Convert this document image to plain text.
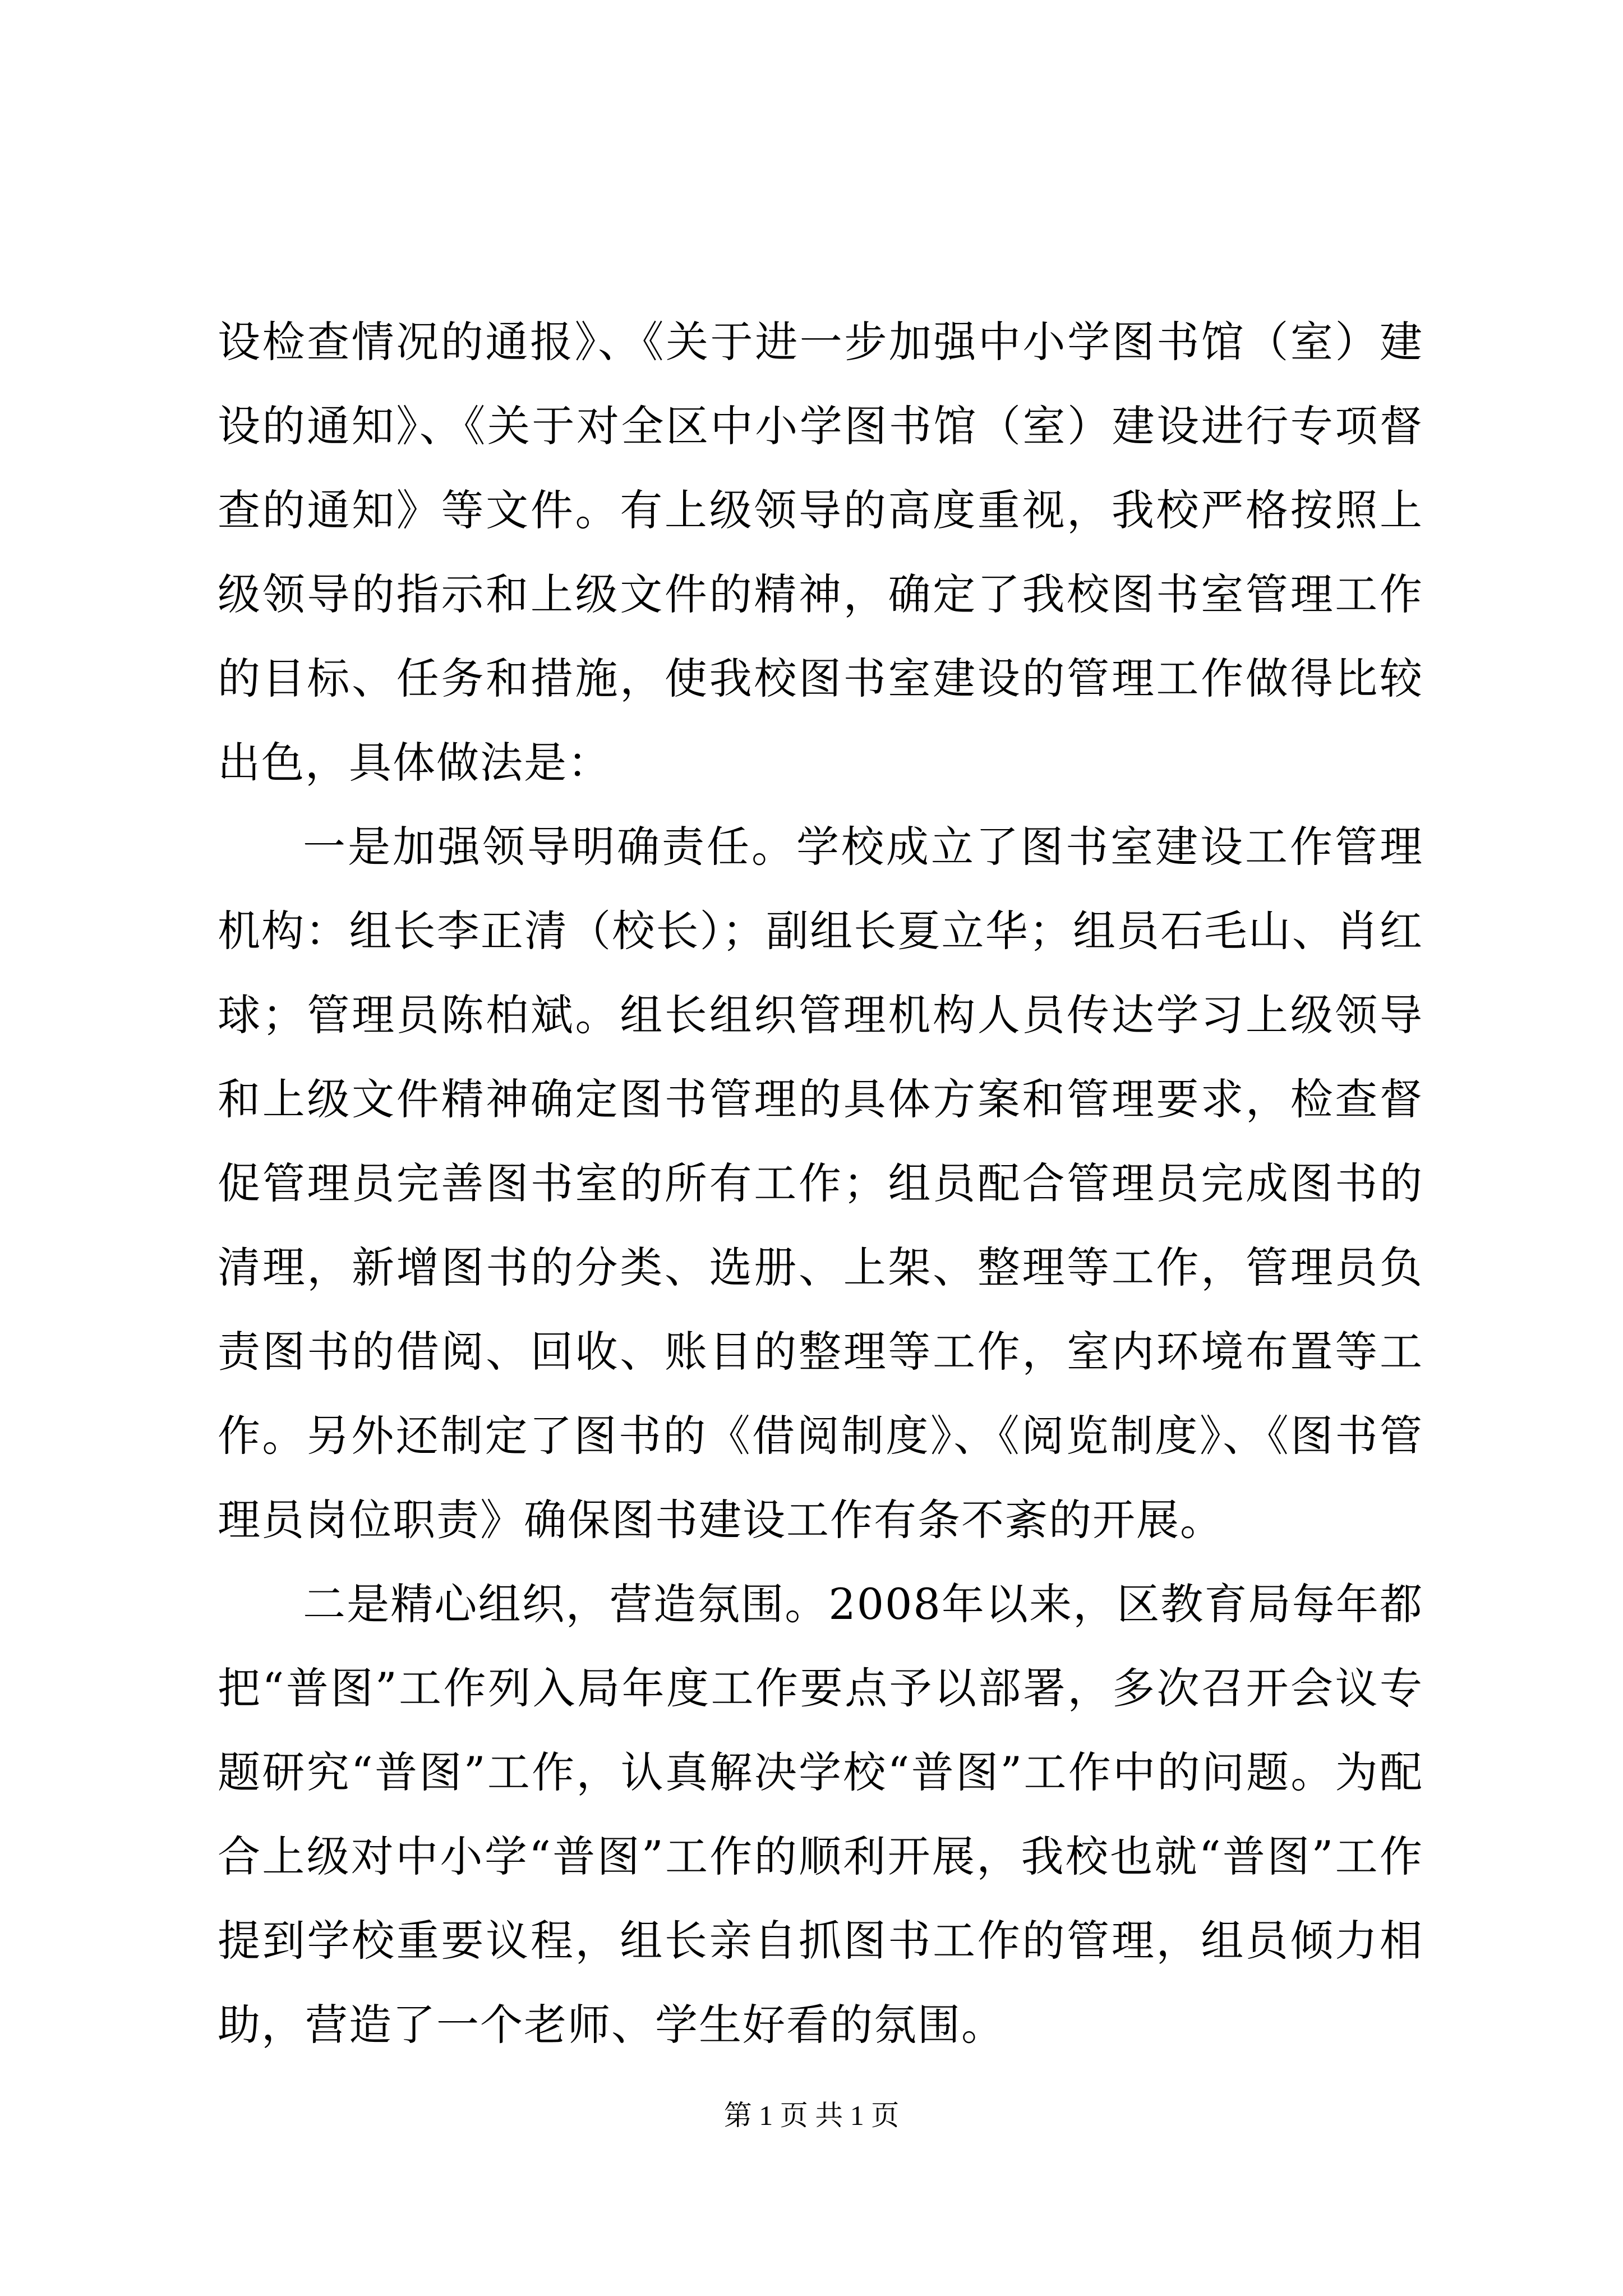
设检查情况的通报》、《关于进一步加强中小学图书馆（室）建设的通知》、《关于对全区中小学图书馆（室）建设进行专项督查的通知》等文件。有上级领导的高度重视，我校严格按照上级领导的指示和上级文件的精神，确定了我校图书室管理工作的目标、任务和措施，使我校图书室建设的管理工作做得比较出色，具体做法是：

一是加强领导明确责任。学校成立了图书室建设工作管理机构：组长李正清（校长）；副组长夏立华；组员石毛山、肖红球；管理员陈柏斌。组长组织管理机构人员传达学习上级领导和上级文件精神确定图书管理的具体方案和管理要求，检查督促管理员完善图书室的所有工作；组员配合管理员完成图书的清理，新增图书的分类、选册、上架、整理等工作，管理员负责图书的借阅、回收、账目的整理等工作，室内环境布置等工作。另外还制定了图书的《借阅制度》、《阅览制度》、《图书管理员岗位职责》确保图书建设工作有条不紊的开展。

二是精心组织，营造氛围。2008年以来，区教育局每年都把“普图”工作列入局年度工作要点予以部署，多次召开会议专题研究“普图”工作，认真解决学校“普图”工作中的问题。为配合上级对中小学“普图”工作的顺利开展，我校也就“普图”工作提到学校重要议程，组长亲自抓图书工作的管理，组员倾力相助，营造了一个老师、学生好看的氛围。

第 1 页 共 1 页
